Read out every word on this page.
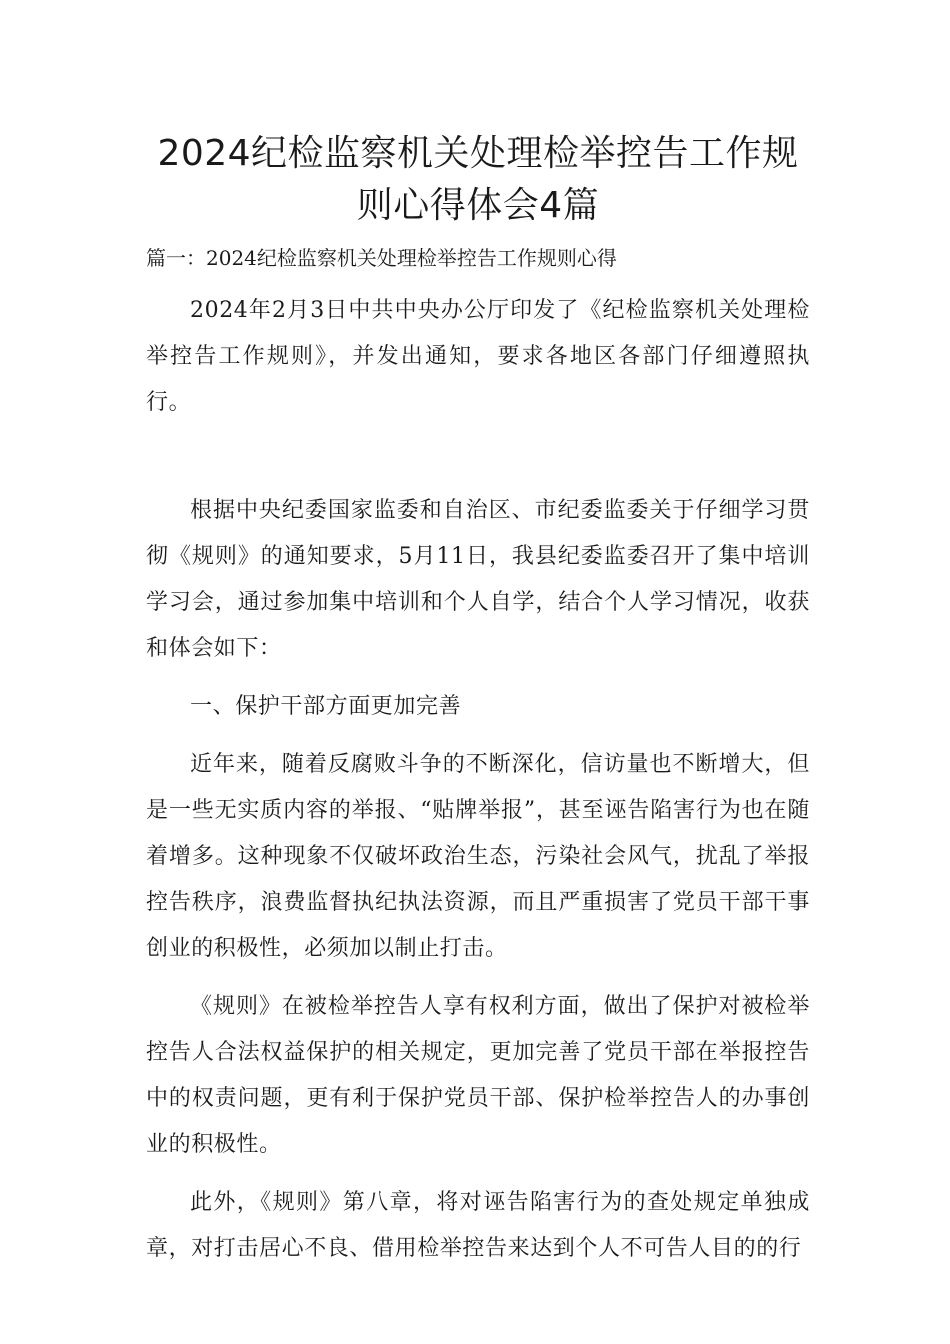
2024纪检监察机关处理检举控告工作规则心得体会4篇
篇一：2024纪检监察机关处理检举控告工作规则心得

2024年2月3日中共中央办公厅印发了《纪检监察机关处理检举控告工作规则》，并发出通知，要求各地区各部门仔细遵照执行。

根据中央纪委国家监委和自治区、市纪委监委关于仔细学习贯彻《规则》的通知要求，5月11日，我县纪委监委召开了集中培训学习会，通过参加集中培训和个人自学，结合个人学习情况，收获和体会如下：

一、保护干部方面更加完善

近年来，随着反腐败斗争的不断深化，信访量也不断增大，但是一些无实质内容的举报、“贴牌举报”，甚至诬告陷害行为也在随着增多。这种现象不仅破坏政治生态，污染社会风气，扰乱了举报控告秩序，浪费监督执纪执法资源，而且严重损害了党员干部干事创业的积极性，必须加以制止打击。

《规则》在被检举控告人享有权利方面，做出了保护对被检举控告人合法权益保护的相关规定，更加完善了党员干部在举报控告中的权责问题，更有利于保护党员干部、保护检举控告人的办事创业的积极性。

此外，《规则》第八章，将对诬告陷害行为的查处规定单独成章，对打击居心不良、借用检举控告来达到个人不可告人目的的行
